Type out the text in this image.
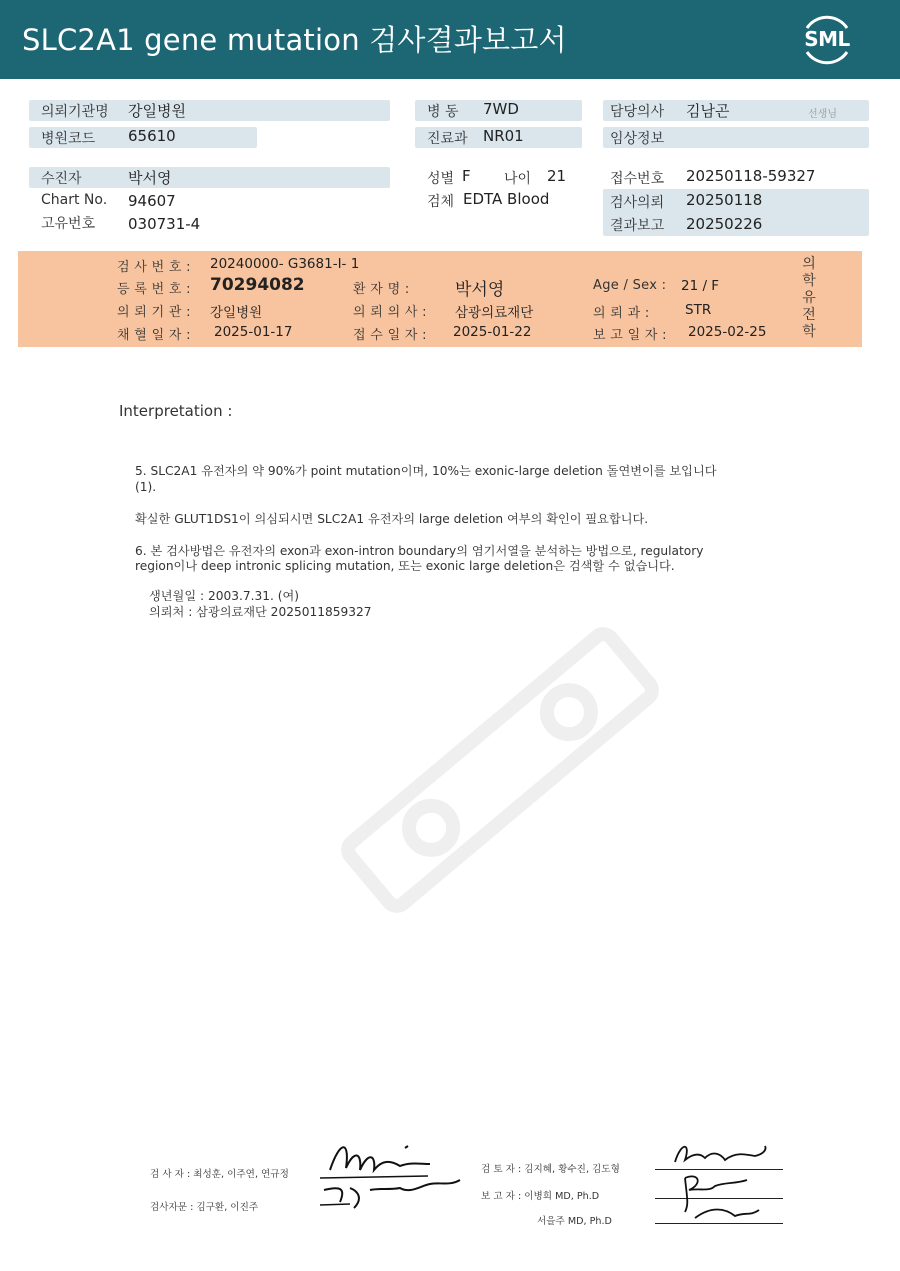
SLC2A1 gene mutation 검사결과보고서	SML
의뢰기관명 강일병원
병원코드 65610
수진자	박서영
Chart No. 94607
고유번호 030731-4
병 동 7WD
진료과 NR01
성별 F 나이 21
검체 EDTA Blood
담당의사 김남곤	선생님
임상정보
접수번호 20250118-59327
검사의뢰 20250118
결과보고 20250226
검 사 번 호 : 20240000- G3681-I- 1
등 록 번 호 : 70294082	환 자 명 :	박서영	Age / Sex : 21 / F
의 뢰 기 관 : 강일병원	의 뢰 의 사 : 삼광의료재단	의 뢰 과 :	STR
채 혈 일 자 : 2025-01-17	접 수 일 자 : 2025-01-22	보 고 일 자 : 2025-02-25
의
학
유
전
학
Interpretation :
5. SLC2A1 유전자의 약 90%가 point mutation이며, 10%는 exonic-large deletion 돌연변이를 보입니다
(1).
확실한 GLUT1DS1이 의심되시면 SLC2A1 유전자의 large deletion 여부의 확인이 필요합니다.
6. 본 검사방법은 유전자의 exon과 exon-intron boundary의 염기서열을 분석하는 방법으로, regulatory
region이나 deep intronic splicing mutation, 또는 exonic large deletion은 검색할 수 없습니다.
생년월일 : 2003.7.31. (여)
의뢰처 : 삼광의료재단 2025011859327
검 사 자 : 최성훈, 이주연, 연규정
검사자문 : 김구환, 이진주
검 토 자 : 김지혜, 황수진, 김도형
보 고 자 : 이병희 MD, Ph.D
서을주 MD, Ph.D
